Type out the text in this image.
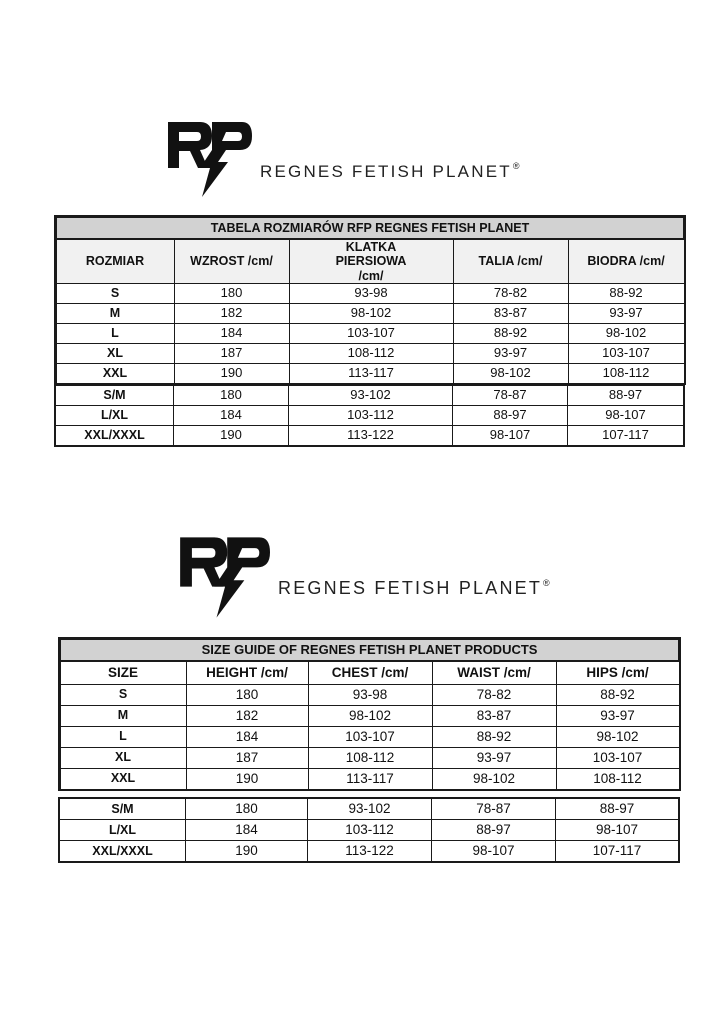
REGNES FETISH PLANET®
TABELA ROZMIARÓW RFP REGNES FETISH PLANET				
ROZMIAR	WZROST /cm/	KLATKA PIERSIOWA /cm/	TALIA /cm/	BIODRA /cm/
S	180	93-98	78-82	88-92
M	182	98-102	83-87	93-97
L	184	103-107	88-92	98-102
XL	187	108-112	93-97	103-107
XXL	190	113-117	98-102	108-112
S/M	180	93-102	78-87	88-97
L/XL	184	103-112	88-97	98-107
XXL/XXXL	190	113-122	98-107	107-117
REGNES FETISH PLANET®
SIZE GUIDE OF REGNES FETISH PLANET PRODUCTS				
SIZE	HEIGHT /cm/	CHEST /cm/	WAIST /cm/	HIPS /cm/
S	180	93-98	78-82	88-92
M	182	98-102	83-87	93-97
L	184	103-107	88-92	98-102
XL	187	108-112	93-97	103-107
XXL	190	113-117	98-102	108-112
S/M	180	93-102	78-87	88-97
L/XL	184	103-112	88-97	98-107
XXL/XXXL	190	113-122	98-107	107-117
